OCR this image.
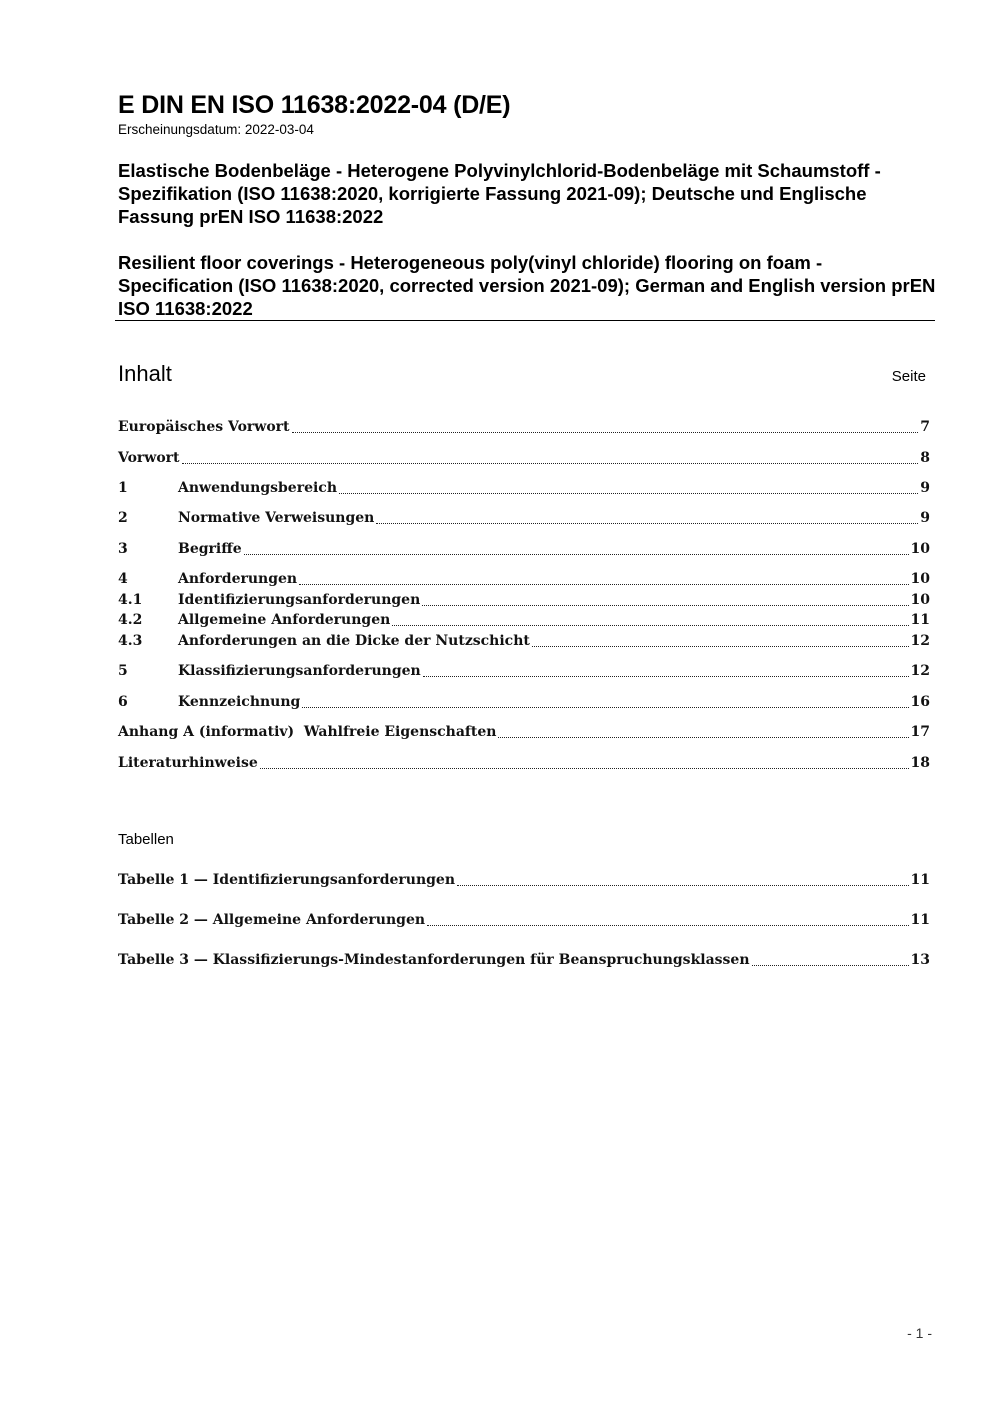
E DIN EN ISO 11638:2022-04 (D/E)
Erscheinungsdatum: 2022-03-04

Elastische Bodenbeläge - Heterogene Polyvinylchlorid-Bodenbeläge mit Schaumstoff - Spezifikation (ISO 11638:2020, korrigierte Fassung 2021-09); Deutsche und Englische Fassung prEN ISO 11638:2022

Resilient floor coverings - Heterogeneous poly(vinyl chloride) flooring on foam - Specification (ISO 11638:2020, corrected version 2021-09); German and English version prEN ISO 11638:2022

Inhalt	Seite
Europäisches Vorwort	7
Vorwort	8
1	Anwendungsbereich	9
2	Normative Verweisungen	9
3	Begriffe	10
4	Anforderungen	10
4.1	Identifizierungsanforderungen	10
4.2	Allgemeine Anforderungen	11
4.3	Anforderungen an die Dicke der Nutzschicht	12
5	Klassifizierungsanforderungen	12
6	Kennzeichnung	16
Anhang A (informativ)  Wahlfreie Eigenschaften	17
Literaturhinweise	18
Tabellen
Tabelle 1 — Identifizierungsanforderungen	11
Tabelle 2 — Allgemeine Anforderungen	11
Tabelle 3 — Klassifizierungs-Mindestanforderungen für Beanspruchungsklassen	13
- 1 -
